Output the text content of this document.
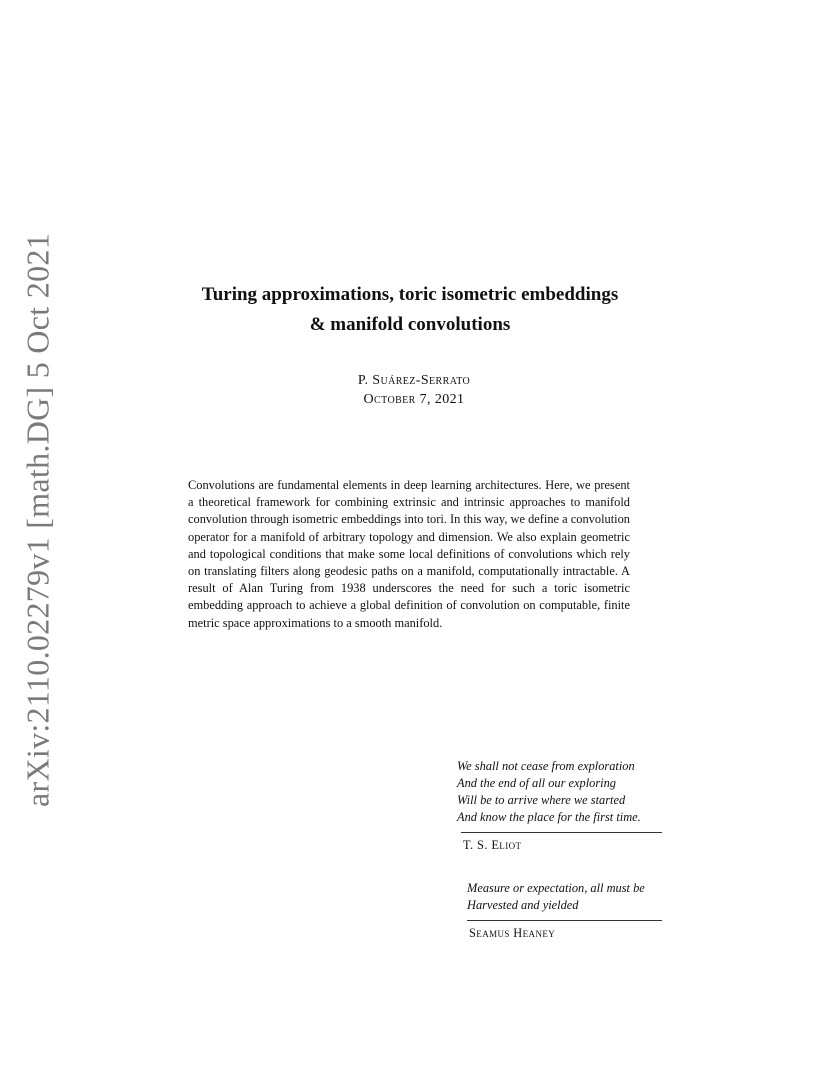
arXiv:2110.02279v1 [math.DG] 5 Oct 2021	Turing approximations, toric isometric embeddings
& manifold convolutions
P. Suárez-Serrato
October 7, 2021
Convolutions are fundamental elements in deep learning architectures. Here, we present a theoretical framework for combining extrinsic and intrinsic approaches to manifold convolution through isometric embeddings into tori. In this way, we define a convolution operator for a manifold of arbitrary topology and dimension. We also explain geometric and topological conditions that make some local definitions of convolutions which rely on translating filters along geodesic paths on a manifold, computationally intractable. A result of Alan Turing from 1938 underscores the need for such a toric isometric embedding approach to achieve a global definition of convolution on computable, finite metric space approximations to a smooth manifold.
We shall not cease from exploration
And the end of all our exploring
Will be to arrive where we started
And know the place for the first time.
T. S. Eliot
Measure or expectation, all must be
Harvested and yielded
Seamus Heaney
